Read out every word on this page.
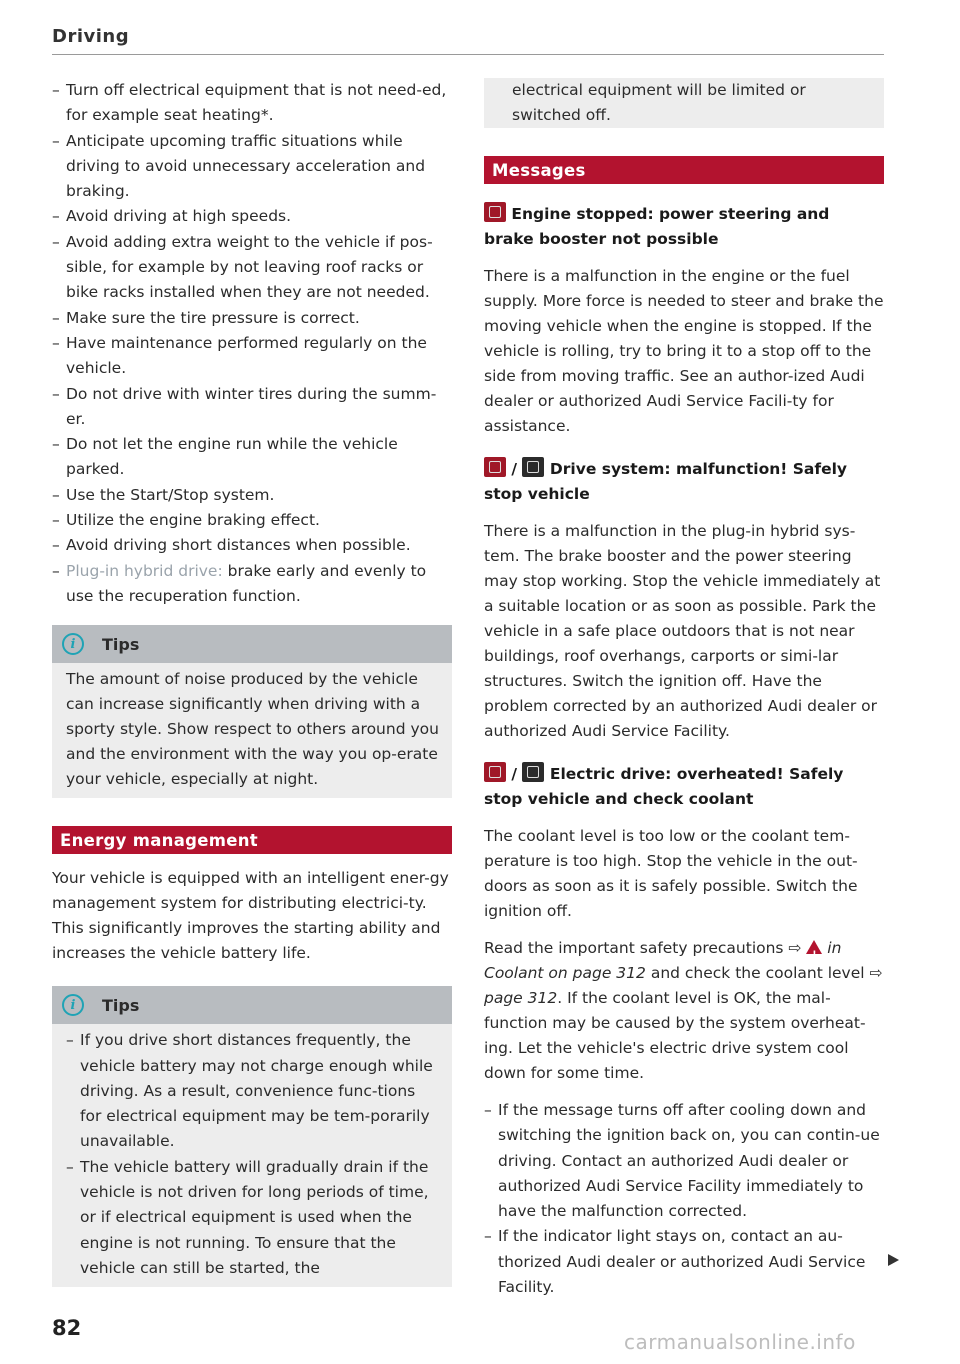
Driving
– Turn off electrical equipment that is not need-ed, for example seat heating*.
– Anticipate upcoming traffic situations while driving to avoid unnecessary acceleration and braking.
– Avoid driving at high speeds.
– Avoid adding extra weight to the vehicle if pos-sible, for example by not leaving roof racks or bike racks installed when they are not needed.
– Make sure the tire pressure is correct.
– Have maintenance performed regularly on the vehicle.
– Do not drive with winter tires during the summ-er.
– Do not let the engine run while the vehicle parked.
– Use the Start/Stop system.
– Utilize the engine braking effect.
– Avoid driving short distances when possible.
– Plug-in hybrid drive: brake early and evenly to use the recuperation function.
i	Tips
The amount of noise produced by the vehicle can increase significantly when driving with a sporty style. Show respect to others around you and the environment with the way you op-erate your vehicle, especially at night.
Energy management
Your vehicle is equipped with an intelligent ener-gy management system for distributing electrici-ty. This significantly improves the starting ability and increases the vehicle battery life.
i	Tips
– If you drive short distances frequently, the vehicle battery may not charge enough while driving. As a result, convenience func-tions for electrical equipment may be tem-porarily unavailable.
– The vehicle battery will gradually drain if the vehicle is not driven for long periods of time, or if electrical equipment is used when the engine is not running. To ensure that the vehicle can still be started, the
electrical equipment will be limited or switched off.
Messages
Engine stopped: power steering and brake booster not possible
There is a malfunction in the engine or the fuel supply. More force is needed to steer and brake the moving vehicle when the engine is stopped. If the vehicle is rolling, try to bring it to a stop off to the side from moving traffic. See an author-ized Audi dealer or authorized Audi Service Facili-ty for assistance.
/ Drive system: malfunction! Safely stop vehicle
There is a malfunction in the plug-in hybrid sys-tem. The brake booster and the power steering may stop working. Stop the vehicle immediately at a suitable location or as soon as possible. Park the vehicle in a safe place outdoors that is not near buildings, roof overhangs, carports or simi-lar structures. Switch the ignition off. Have the problem corrected by an authorized Audi dealer or authorized Audi Service Facility.
/ Electric drive: overheated! Safely stop vehicle and check coolant
The coolant level is too low or the coolant tem-perature is too high. Stop the vehicle in the out-doors as soon as it is safely possible. Switch the ignition off.
Read the important safety precautions ⇨ ! in Coolant on page 312 and check the coolant level ⇨ page 312. If the coolant level is OK, the mal-function may be caused by the system overheat-ing. Let the vehicle's electric drive system cool down for some time.
– If the message turns off after cooling down and switching the ignition back on, you can contin-ue driving. Contact an authorized Audi dealer or authorized Audi Service Facility immediately to have the malfunction corrected.
– If the indicator light stays on, contact an au-thorized Audi dealer or authorized Audi Service Facility.
82
carmanualsonline.info
